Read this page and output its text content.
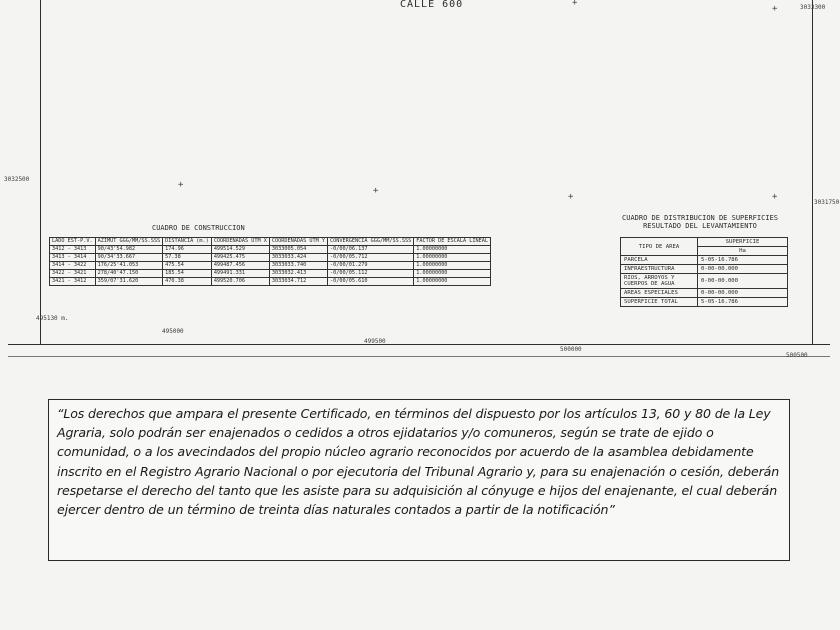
CALLE 600	3033300
3032500
3031750
495130 m.
495000
499500
500000
500500
+
+
+	+
+
+
CUADRO DE CONSTRUCCION
LADO EST-P.V.	AZIMUT GGG/MM/SS.SSS	DISTANCIA (m.)	COORDENADAS UTM X	COORDENADAS UTM Y	CONVERGENCIA GGG/MM/SS.SSS	FACTOR DE ESCALA LINEAL
3412 - 3413	90/43'54.982	174.96	499514.529	3033005.054	-0/00/06.137	1.00000000
3413 - 3414	90/34'33.667	57.38	499425.475	3033033.424	-0/00/05.712	1.00000000
3414 - 3422	176/25'41.053	475.54	499487.456	3033033.740	-0/00/01.279	1.00000000
3422 - 3421	278/40'47.150	185.54	499491.331	3033032.413	-0/00/05.112	1.00000000
3421 - 3412	359/07'31.620	470.38	499520.706	3033034.712	-0/00/05.610	1.00000000
CUADRO DE DISTRIBUCION DE SUPERFICIES
RESULTADO DEL LEVANTAMIENTO
TIPO DE AREA	SUPERFICIE
	Ha
PARCELA	5-05-16.786
INFRAESTRUCTURA	0-00-00.000
RIOS, ARROYOS Y CUERPOS DE AGUA	0-00-00.000
AREAS ESPECIALES	0-00-00.000
SUPERFICIE TOTAL	5-05-16.786

“Los derechos que ampara el presente Certificado, en términos del dispuesto por los artículos 13, 60 y 80 de la Ley Agraria, solo podrán ser enajenados o cedidos a otros ejidatarios y/o comuneros, según se trate de ejido o comunidad, o a los avecindados del propio núcleo agrario reconocidos por acuerdo de la asamblea debidamente inscrito en el Registro Agrario Nacional o por ejecutoria del Tribunal Agrario y, para su enajenación o cesión, deberán respetarse el derecho del tanto que les asiste para su adquisición al cónyuge e hijos del enajenante, el cual deberán ejercer dentro de un término de treinta días naturales contados a partir de la notificación”
